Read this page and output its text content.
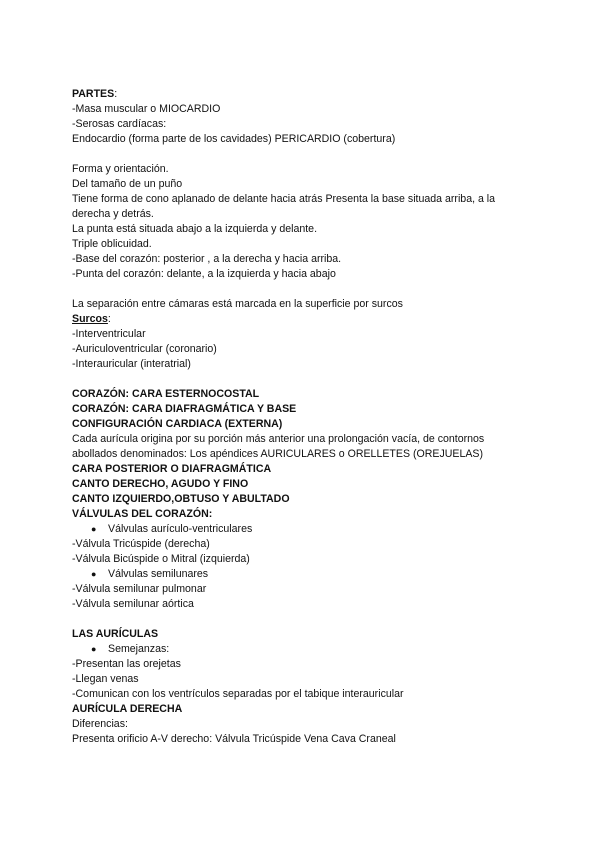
PARTES:
-Masa muscular o MIOCARDIO
-Serosas cardíacas:
Endocardio (forma parte de los cavidades) PERICARDIO (cobertura)
Forma y orientación.
Del tamaño de un puño
Tiene forma de cono aplanado de delante hacia atrás Presenta la base situada arriba, a la
derecha y detrás.
La punta está situada abajo a la izquierda y delante.
Triple oblicuidad.
-Base del corazón: posterior , a la derecha y hacia arriba.
-Punta del corazón: delante, a la izquierda y hacia abajo
La separación entre cámaras está marcada en la superficie por surcos
Surcos:
-Interventricular
-Auriculoventricular (coronario)
-Interauricular (interatrial)
CORAZÓN: CARA ESTERNOCOSTAL
CORAZÓN: CARA DIAFRAGMÁTICA Y BASE
CONFIGURACIÓN CARDIACA (EXTERNA)
Cada aurícula origina por su porción más anterior una prolongación vacía, de contornos
abollados denominados: Los apéndices AURICULARES o ORELLETES (OREJUELAS)
CARA POSTERIOR O DIAFRAGMÁTICA
CANTO DERECHO, AGUDO Y FINO
CANTO IZQUIERDO,OBTUSO Y ABULTADO
VÁLVULAS DEL CORAZÓN:
● Válvulas aurículo-ventriculares
-Válvula Tricúspide (derecha)
-Válvula Bicúspide o Mitral (izquierda)
● Válvulas semilunares
-Válvula semilunar pulmonar
-Válvula semilunar aórtica
LAS AURÍCULAS
● Semejanzas:
-Presentan las orejetas
-Llegan venas
-Comunican con los ventrículos separadas por el tabique interauricular
AURÍCULA DERECHA
Diferencias:
Presenta orificio A-V derecho: Válvula Tricúspide Vena Cava Craneal
